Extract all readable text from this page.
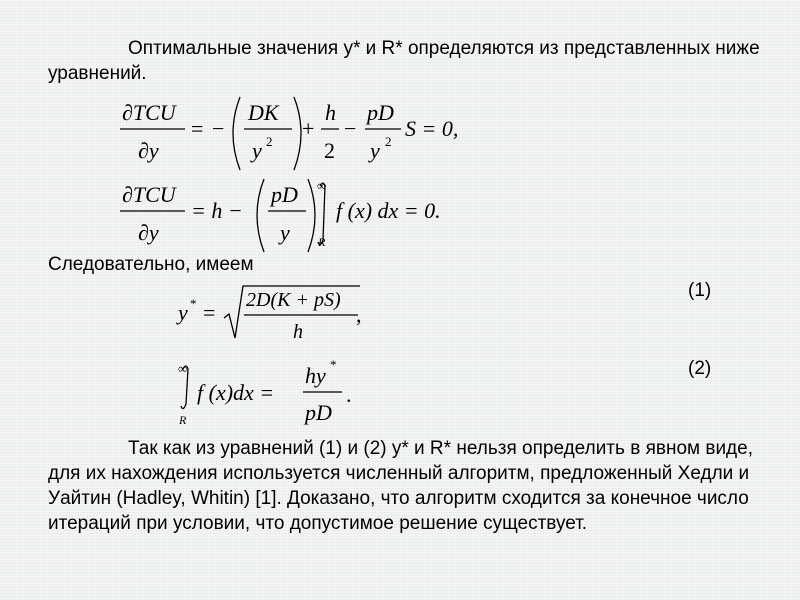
Оптимальные значения y* и R* определяются из представленных ниже уравнений.
∂TCU
∂y
= −
DK
y 2
+
h
2
−
pD
y 2
S = 0,
∂TCU
∂y
= h −
pD
y
∞
R
f (x) dx = 0.
y * = 2D(K + pS)
h
,
∞
R
f (x)dx =
hy *
pD
.
Следовательно, имеем
(1)
(2)
Так как из уравнений (1) и (2) y* и R* нельзя определить в явном виде, для их нахождения используется численный алгоритм, предложенный Хедли и Уайтин (Hadley, Whitin) [1]. Доказано, что алгоритм сходится за конечное число итераций при условии, что допустимое решение существует.
